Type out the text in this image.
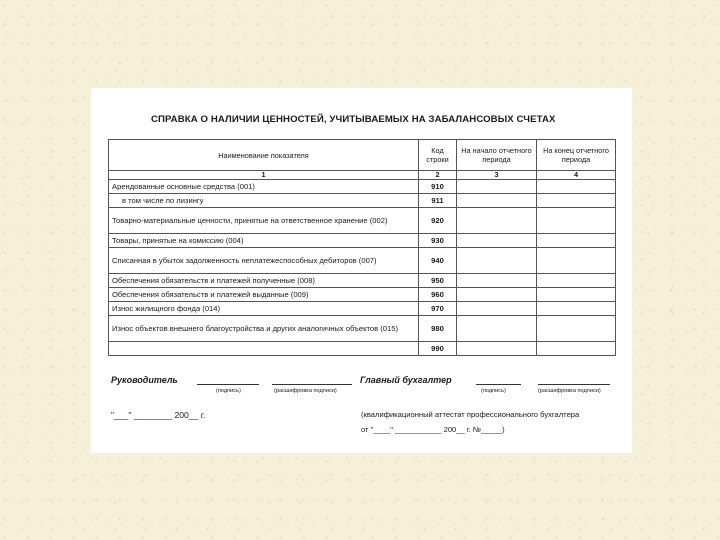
СПРАВКА О НАЛИЧИИ ЦЕННОСТЕЙ, УЧИТЫВАЕМЫХ НА ЗАБАЛАНСОВЫХ СЧЕТАХ
Наименование показателя	Код строки	На начало отчетного периода	На конец отчетного периода
1	2	3	4
Арендованные основные средства (001)	910		
в том числе по лизингу	911		
Товарно-материальные ценности, принятые на ответственное хранение (002)	920		
Товары, принятые на комиссию (004)	930		
Списанная в убыток задолженность неплатежеспособных дебиторов (007)	940		
Обеспечения обязательств и платежей полученные (008)	950		
Обеспечения обязательств и платежей выданные (009)	960		
Износ жилищного фонда (014)	970		
Износ объектов внешнего благоустройства и других аналогичных объектов (015)	980		
	990		
Руководитель
(подпись)	(расшифровка подписи)
Главный бухгалтер
(подпись)	(расшифровка подписи)
"___" ________ 200__ г.	(квалификационный аттестат профессионального бухгалтера
от "____" ___________ 200__ г. №_____)
